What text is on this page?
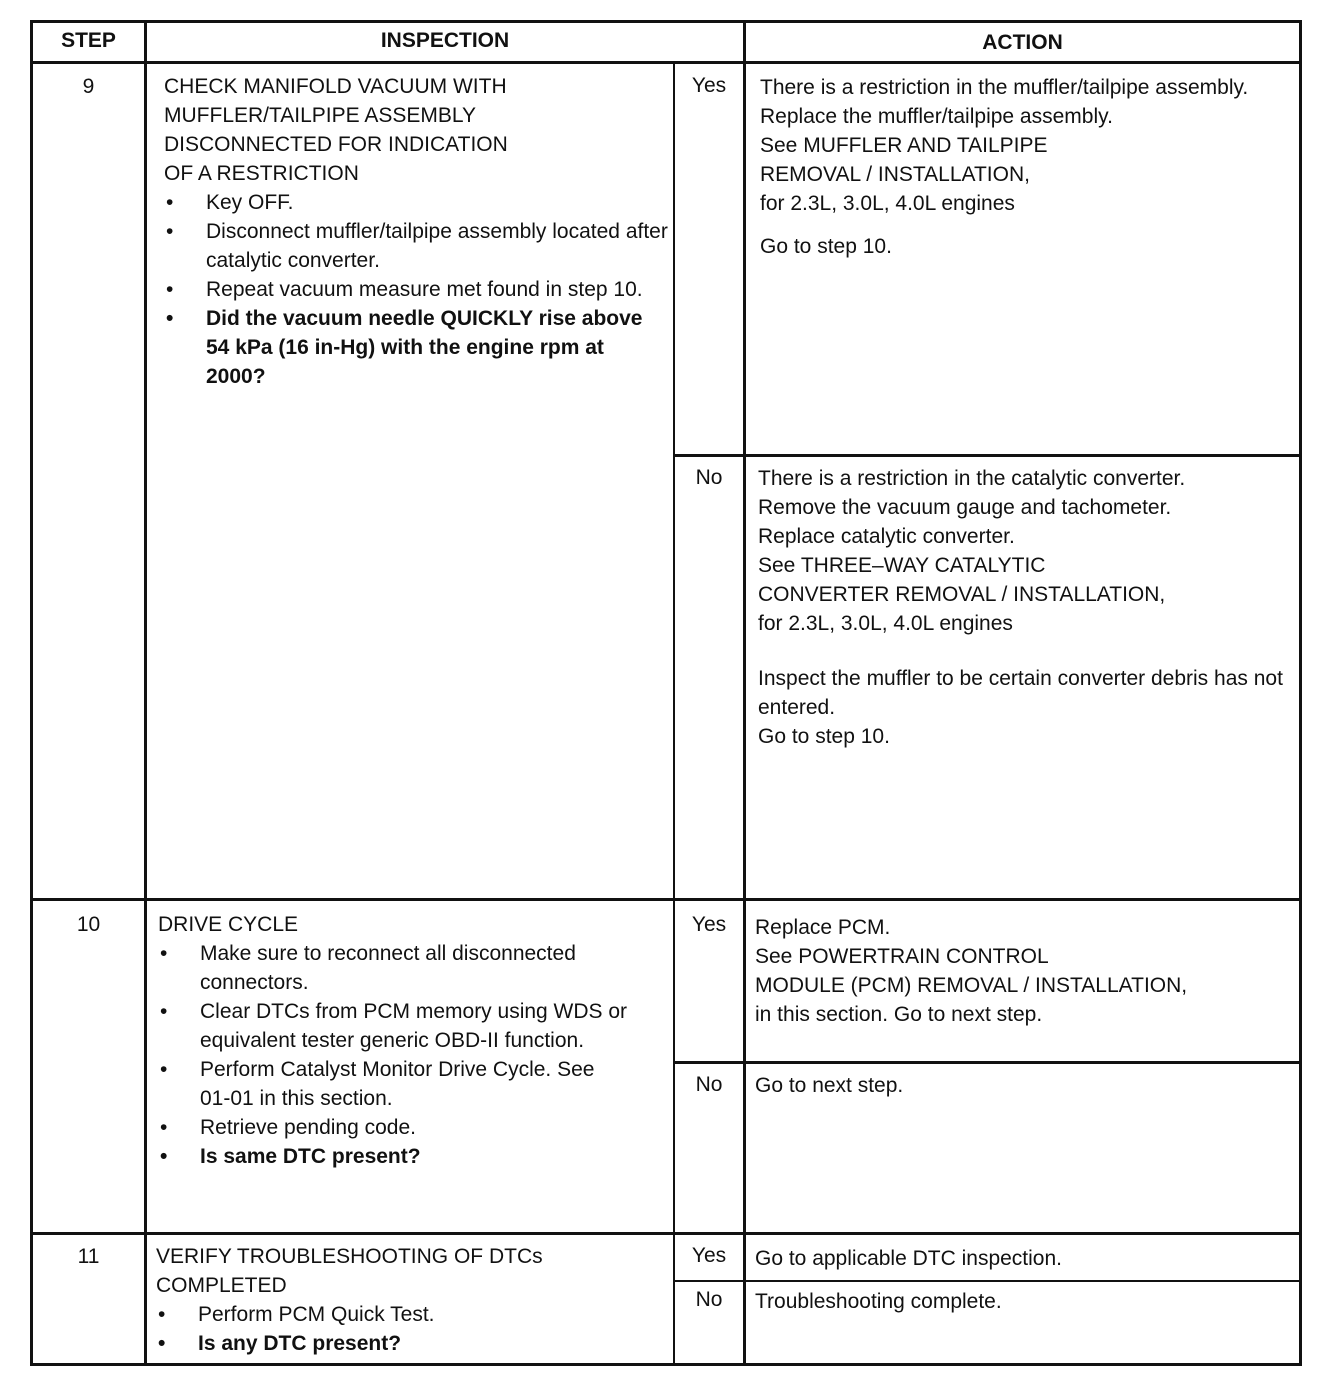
STEP	INSPECTION	ACTION
9	CHECK MANIFOLD VACUUM WITH
MUFFLER/TAILPIPE ASSEMBLY
DISCONNECTED FOR INDICATION
OF A RESTRICTION
• Key OFF.
• Disconnect muffler/tailpipe assembly located after catalytic converter.
• Repeat vacuum measure met found in step 10.
• Did the vacuum needle QUICKLY rise above 54 kPa (16 in-Hg) with the engine rpm at 2000?
Yes	There is a restriction in the muffler/tailpipe assembly.
Replace the muffler/tailpipe assembly.
See MUFFLER AND TAILPIPE
REMOVAL / INSTALLATION,
for 2.3L, 3.0L, 4.0L engines
Go to step 10.
No	There is a restriction in the catalytic converter.
Remove the vacuum gauge and tachometer.
Replace catalytic converter.
See THREE–WAY CATALYTIC
CONVERTER REMOVAL / INSTALLATION,
for 2.3L, 3.0L, 4.0L engines
Inspect the muffler to be certain converter debris has not entered.
Go to step 10.
10	DRIVE CYCLE
• Make sure to reconnect all disconnected connectors.
• Clear DTCs from PCM memory using WDS or equivalent tester generic OBD-II function.
• Perform Catalyst Monitor Drive Cycle. See 01-01 in this section.
• Retrieve pending code.
• Is same DTC present?
Yes	Replace PCM.
See POWERTRAIN CONTROL
MODULE (PCM) REMOVAL / INSTALLATION,
in this section. Go to next step.
No	Go to next step.
11	VERIFY TROUBLESHOOTING OF DTCs
COMPLETED
• Perform PCM Quick Test.
• Is any DTC present?
Yes	Go to applicable DTC inspection.
No	Troubleshooting complete.
